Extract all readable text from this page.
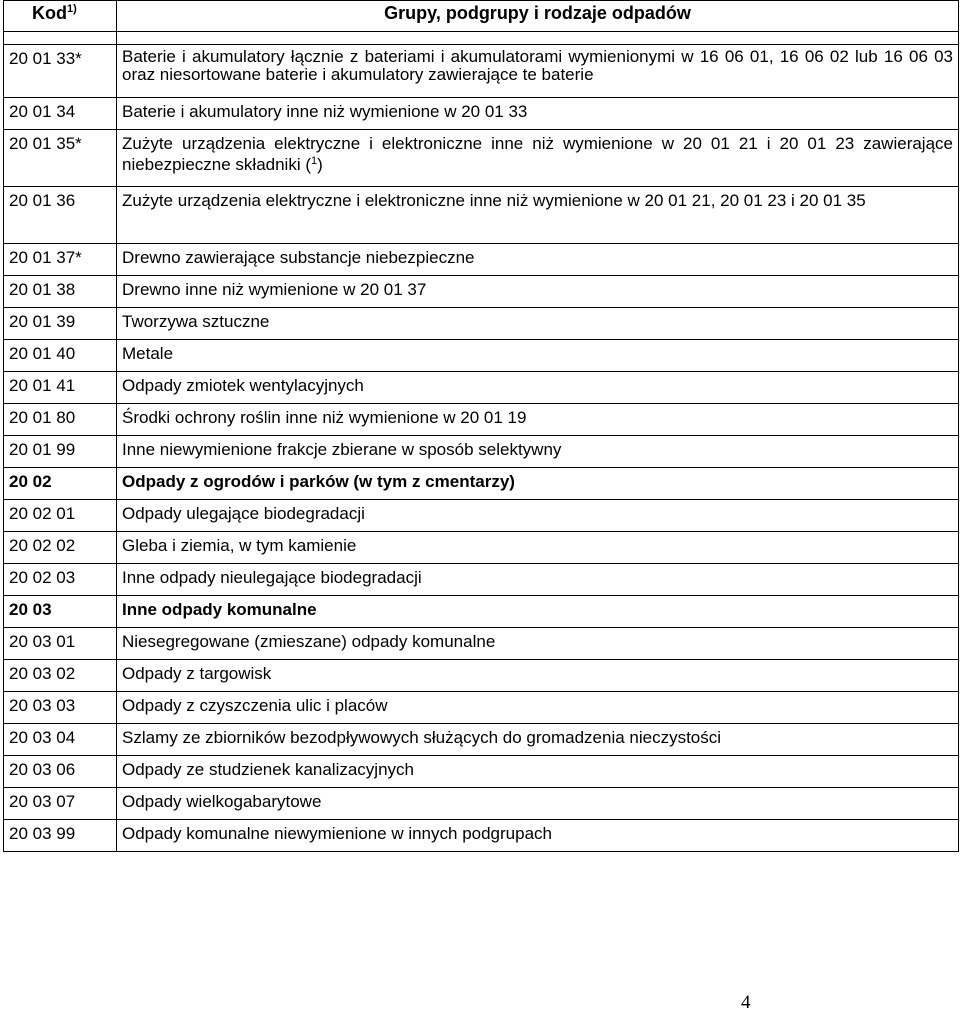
Kod$^{1)}$	Grupy, podgrupy i rodzaje odpadów

20 01 33*	Baterie i akumulatory łącznie z bateriami i akumulatorami wymienionymi w 16 06 01, 16 06 02 lub 16 06 03 oraz niesortowane baterie i akumulatory zawierające te baterie

20 01 34	Baterie i akumulatory inne niż wymienione w 20 01 33
20 01 35*	Zużyte urządzenia elektryczne i elektroniczne inne niż wymienione w 20 01 21 i 20 01 23 zawierające niebezpieczne składniki ($^1$)
20 01 36	Zużyte urządzenia elektryczne i elektroniczne inne niż wymienione w 20 01 21, 20 01 23 i 20 01 35
20 01 37*	Drewno zawierające substancje niebezpieczne
20 01 38	Drewno inne niż wymienione w 20 01 37
20 01 39	Tworzywa sztuczne
20 01 40	Metale
20 01 41	Odpady zmiotek wentylacyjnych
20 01 80	Środki ochrony roślin inne niż wymienione w 20 01 19
20 01 99	Inne niewymienione frakcje zbierane w sposób selektywny
20 02	Odpady z ogrodów i parków (w tym z cmentarzy)
20 02 01	Odpady ulegające biodegradacji
20 02 02	Gleba i ziemia, w tym kamienie
20 02 03	Inne odpady nieulegające biodegradacji
20 03	Inne odpady komunalne
20 03 01	Niesegregowane (zmieszane) odpady komunalne
20 03 02	Odpady z targowisk
20 03 03	Odpady z czyszczenia ulic i placów
20 03 04	Szlamy ze zbiorników bezodpływowych służących do gromadzenia nieczystości
20 03 06	Odpady ze studzienek kanalizacyjnych
20 03 07	Odpady wielkogabarytowe
20 03 99	Odpady komunalne niewymienione w innych podgrupach
4
